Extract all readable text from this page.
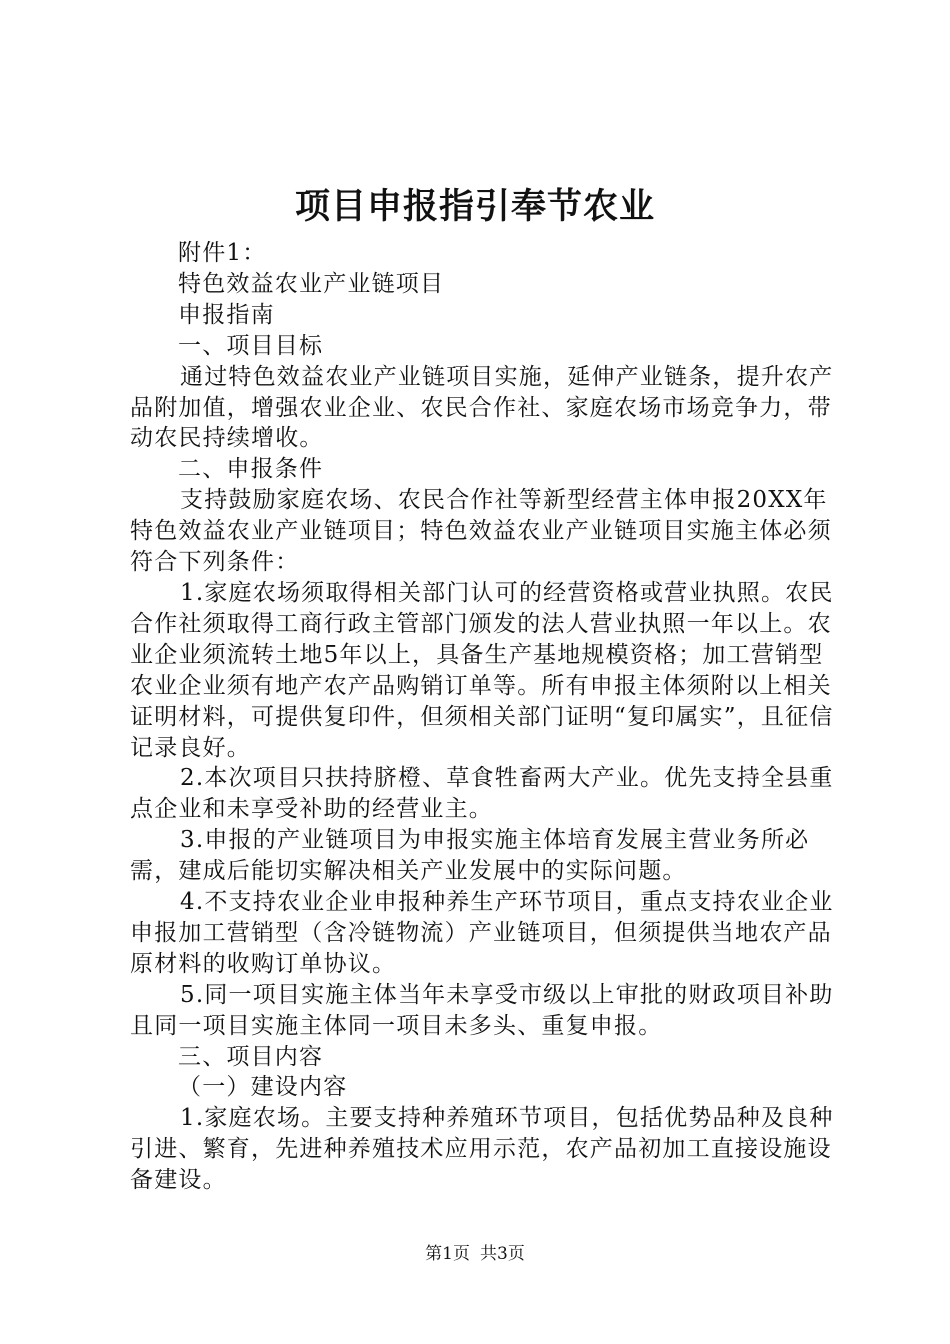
项目申报指引奉节农业

附件1：

特色效益农业产业链项目

申报指南

一、项目目标

通过特色效益农业产业链项目实施，延伸产业链条，提升农产品附加值，增强农业企业、农民合作社、家庭农场市场竞争力，带动农民持续增收。

二、申报条件

支持鼓励家庭农场、农民合作社等新型经营主体申报20XX年特色效益农业产业链项目；特色效益农业产业链项目实施主体必须符合下列条件：

1.家庭农场须取得相关部门认可的经营资格或营业执照。农民合作社须取得工商行政主管部门颁发的法人营业执照一年以上。农业企业须流转土地5年以上，具备生产基地规模资格；加工营销型农业企业须有地产农产品购销订单等。所有申报主体须附以上相关证明材料，可提供复印件，但须相关部门证明“复印属实”，且征信记录良好。

2.本次项目只扶持脐橙、草食牲畜两大产业。优先支持全县重点企业和未享受补助的经营业主。

3.申报的产业链项目为申报实施主体培育发展主营业务所必需，建成后能切实解决相关产业发展中的实际问题。

4.不支持农业企业申报种养生产环节项目，重点支持农业企业申报加工营销型（含冷链物流）产业链项目，但须提供当地农产品原材料的收购订单协议。

5.同一项目实施主体当年未享受市级以上审批的财政项目补助且同一项目实施主体同一项目未多头、重复申报。

三、项目内容

（一）建设内容

1.家庭农场。主要支持种养殖环节项目，包括优势品种及良种引进、繁育，先进种养殖技术应用示范，农产品初加工直接设施设备建设。

第1页 共3页
